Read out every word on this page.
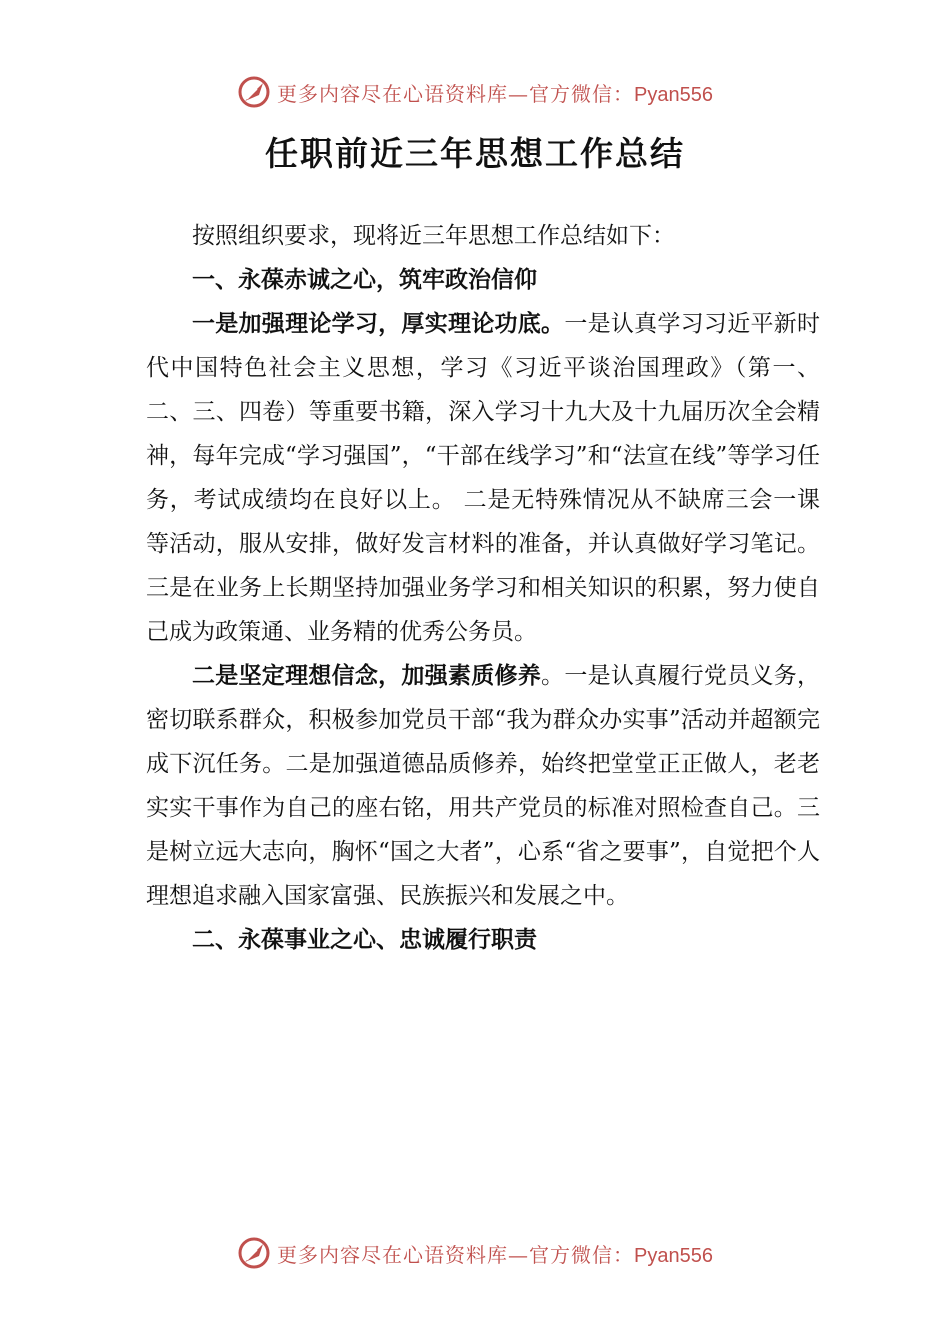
更多内容尽在心语资料库—官方微信：Pyan556
任职前近三年思想工作总结

按照组织要求，现将近三年思想工作总结如下：

一、永葆赤诚之心，筑牢政治信仰

一是加强理论学习，厚实理论功底。一是认真学习习近平新时代中国特色社会主义思想，学习《习近平谈治国理政》（第一、二、三、四卷）等重要书籍，深入学习十九大及十九届历次全会精神，每年完成“学习强国”，“干部在线学习”和“法宣在线”等学习任务，考试成绩均在良好以上。 二是无特殊情况从不缺席三会一课等活动，服从安排，做好发言材料的准备，并认真做好学习笔记。三是在业务上长期坚持加强业务学习和相关知识的积累，努力使自己成为政策通、业务精的优秀公务员。

二是坚定理想信念，加强素质修养。一是认真履行党员义务，密切联系群众，积极参加党员干部“我为群众办实事”活动并超额完成下沉任务。二是加强道德品质修养，始终把堂堂正正做人，老老实实干事作为自己的座右铭，用共产党员的标准对照检查自己。三是树立远大志向，胸怀“国之大者”，心系“省之要事”，自觉把个人理想追求融入国家富强、民族振兴和发展之中。

二、永葆事业之心、忠诚履行职责

更多内容尽在心语资料库—官方微信：Pyan556
